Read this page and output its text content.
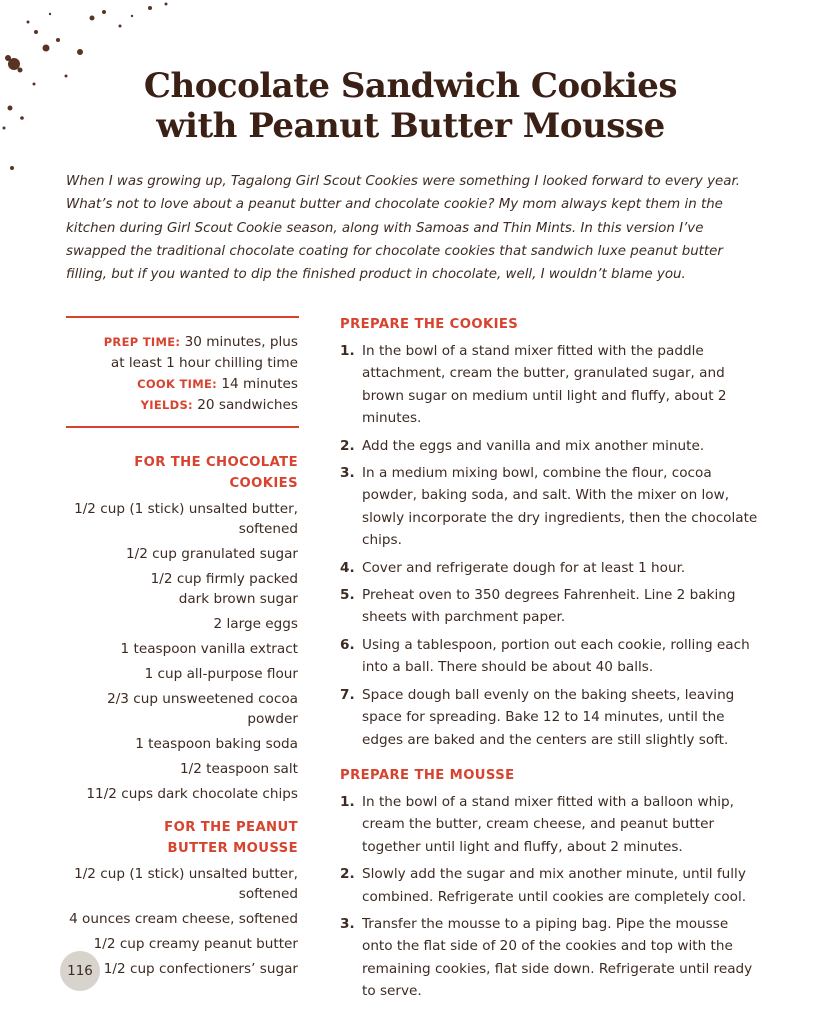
Chocolate Sandwich Cookies
with Peanut Butter Mousse
When I was growing up, Tagalong Girl Scout Cookies were something I looked forward to every year. What’s not to love about a peanut butter and chocolate cookie? My mom always kept them in the kitchen during Girl Scout Cookie season, along with Samoas and Thin Mints. In this version I’ve swapped the traditional chocolate coating for chocolate cookies that sandwich luxe peanut butter filling, but if you wanted to dip the finished product in chocolate, well, I wouldn’t blame you.
PREP TIME: 30 minutes, plus
at least 1 hour chilling time
COOK TIME: 14 minutes
YIELDS: 20 sandwiches
FOR THE CHOCOLATE COOKIES
1/2 cup (1 stick) unsalted butter,
softened
1/2 cup granulated sugar
1/2 cup firmly packed
dark brown sugar
2 large eggs
1 teaspoon vanilla extract
1 cup all-purpose flour
2/3 cup unsweetened cocoa powder
1 teaspoon baking soda
1/2 teaspoon salt
11/2 cups dark chocolate chips
FOR THE PEANUT
BUTTER MOUSSE
1/2 cup (1 stick) unsalted butter,
softened
4 ounces cream cheese, softened
1/2 cup creamy peanut butter
1/2 cup confectioners’ sugar
PREPARE THE COOKIES
1. In the bowl of a stand mixer fitted with the paddle attachment, cream the butter, granulated sugar, and brown sugar on medium until light and fluffy, about 2 minutes.
2. Add the eggs and vanilla and mix another minute.
3. In a medium mixing bowl, combine the flour, cocoa powder, baking soda, and salt. With the mixer on low, slowly incorporate the dry ingredients, then the chocolate chips.
4. Cover and refrigerate dough for at least 1 hour.
5. Preheat oven to 350 degrees Fahrenheit. Line 2 baking sheets with parchment paper.
6. Using a tablespoon, portion out each cookie, rolling each into a ball. There should be about 40 balls.
7. Space dough ball evenly on the baking sheets, leaving space for spreading. Bake 12 to 14 minutes, until the edges are baked and the centers are still slightly soft.
PREPARE THE MOUSSE
1. In the bowl of a stand mixer fitted with a balloon whip, cream the butter, cream cheese, and peanut butter together until light and fluffy, about 2 minutes.
2. Slowly add the sugar and mix another minute, until fully combined. Refrigerate until cookies are completely cool.
3. Transfer the mousse to a piping bag. Pipe the mousse onto the flat side of 20 of the cookies and top with the remaining cookies, flat side down. Refrigerate until ready to serve.
116
